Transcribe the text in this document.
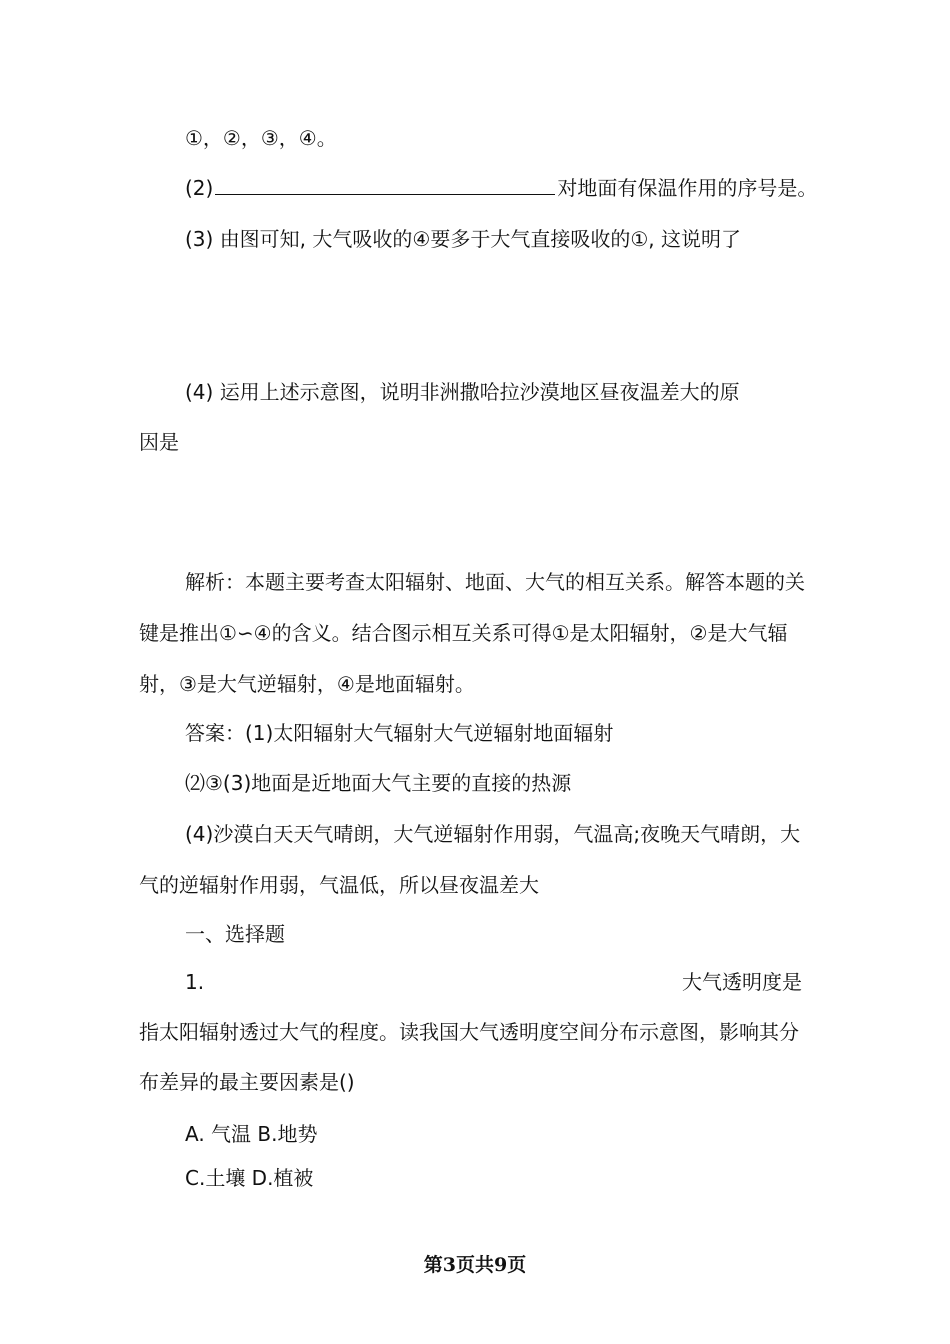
①，②，③，④。
(2)	对地面有保温作用的序号是。
(3) 由图可知, 大气吸收的④要多于大气直接吸收的①, 这说明了
(4) 运用上述示意图，说明非洲撒哈拉沙漠地区昼夜温差大的原
因是
解析：本题主要考查太阳辐射、地面、大气的相互关系。解答本题的关
键是推出①∽④的含义。结合图示相互关系可得①是太阳辐射，②是大气辐
射，③是大气逆辐射，④是地面辐射。
答案：(1)太阳辐射大气辐射大气逆辐射地面辐射
⑵③(3)地面是近地面大气主要的直接的热源
(4)沙漠白天天气晴朗，大气逆辐射作用弱，气温高;夜晚天气晴朗，大
气的逆辐射作用弱，气温低，所以昼夜温差大
一、选择题
1.	大气透明度是
指太阳辐射透过大气的程度。读我国大气透明度空间分布示意图，影响其分
布差异的最主要因素是()
A. 气温 B.地势
C.土壤 D.植被
第3页共9页
